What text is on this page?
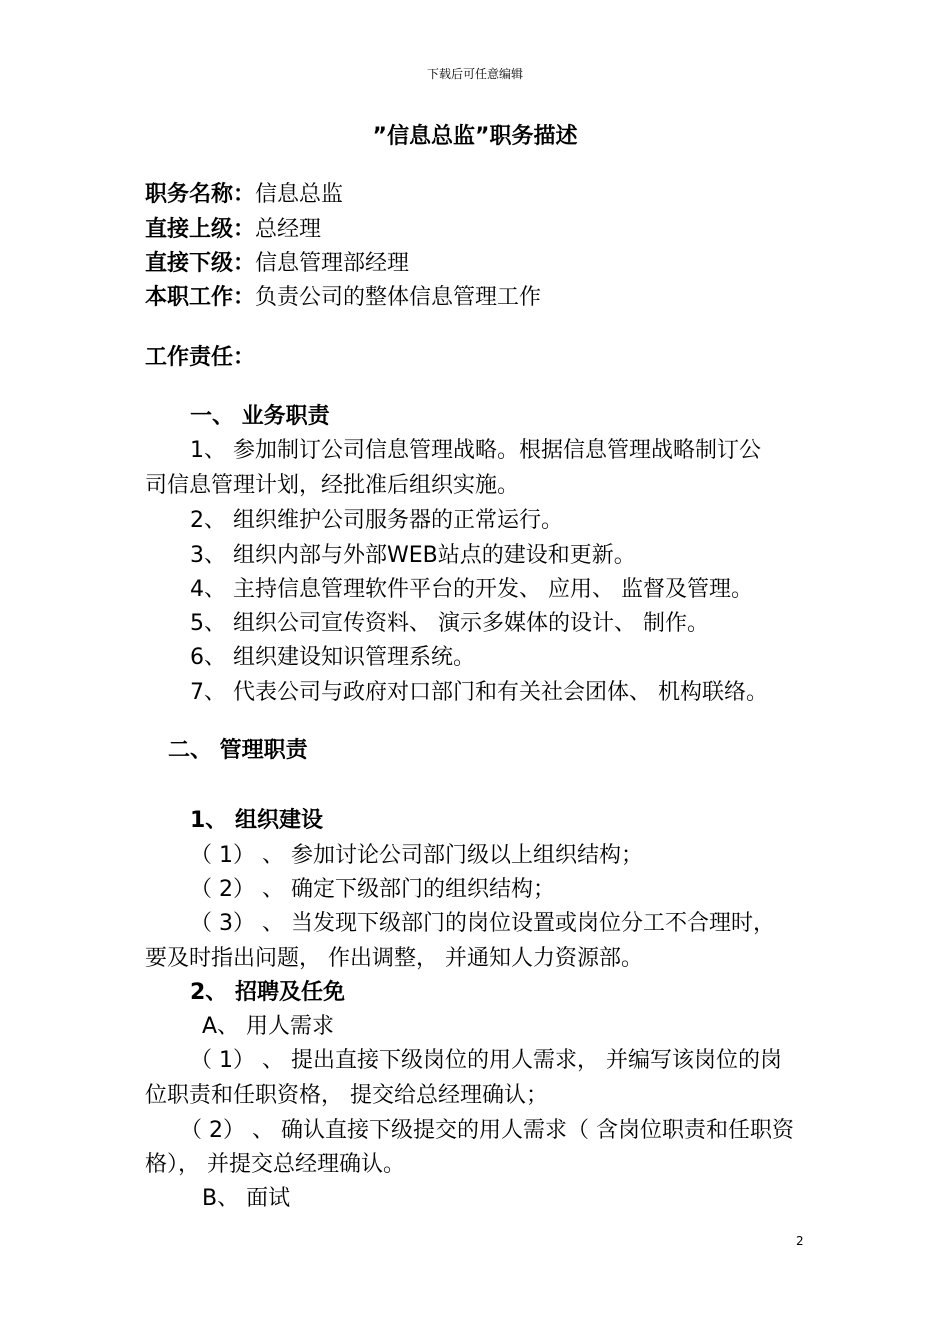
下载后可任意编辑
”信息总监”职务描述
职务名称：信息总监
直接上级：总经理
直接下级：信息管理部经理
本职工作：负责公司的整体信息管理工作
工作责任：
一、 业务职责
1、 参加制订公司信息管理战略。根据信息管理战略制订公
司信息管理计划，经批准后组织实施。
2、 组织维护公司服务器的正常运行。
3、 组织内部与外部WEB站点的建设和更新。
4、 主持信息管理软件平台的开发、 应用、 监督及管理。
5、 组织公司宣传资料、 演示多媒体的设计、 制作。
6、 组织建设知识管理系统。
7、 代表公司与政府对口部门和有关社会团体、 机构联络。
二、 管理职责
1、 组织建设
（ 1） 、 参加讨论公司部门级以上组织结构；
（ 2） 、 确定下级部门的组织结构；
（ 3） 、 当发现下级部门的岗位设置或岗位分工不合理时，
要及时指出问题， 作出调整， 并通知人力资源部。
2、 招聘及任免
A、 用人需求
（ 1） 、 提出直接下级岗位的用人需求， 并编写该岗位的岗
位职责和任职资格， 提交给总经理确认；
（ 2） 、 确认直接下级提交的用人需求（ 含岗位职责和任职资
格）， 并提交总经理确认。
B、 面试
2
